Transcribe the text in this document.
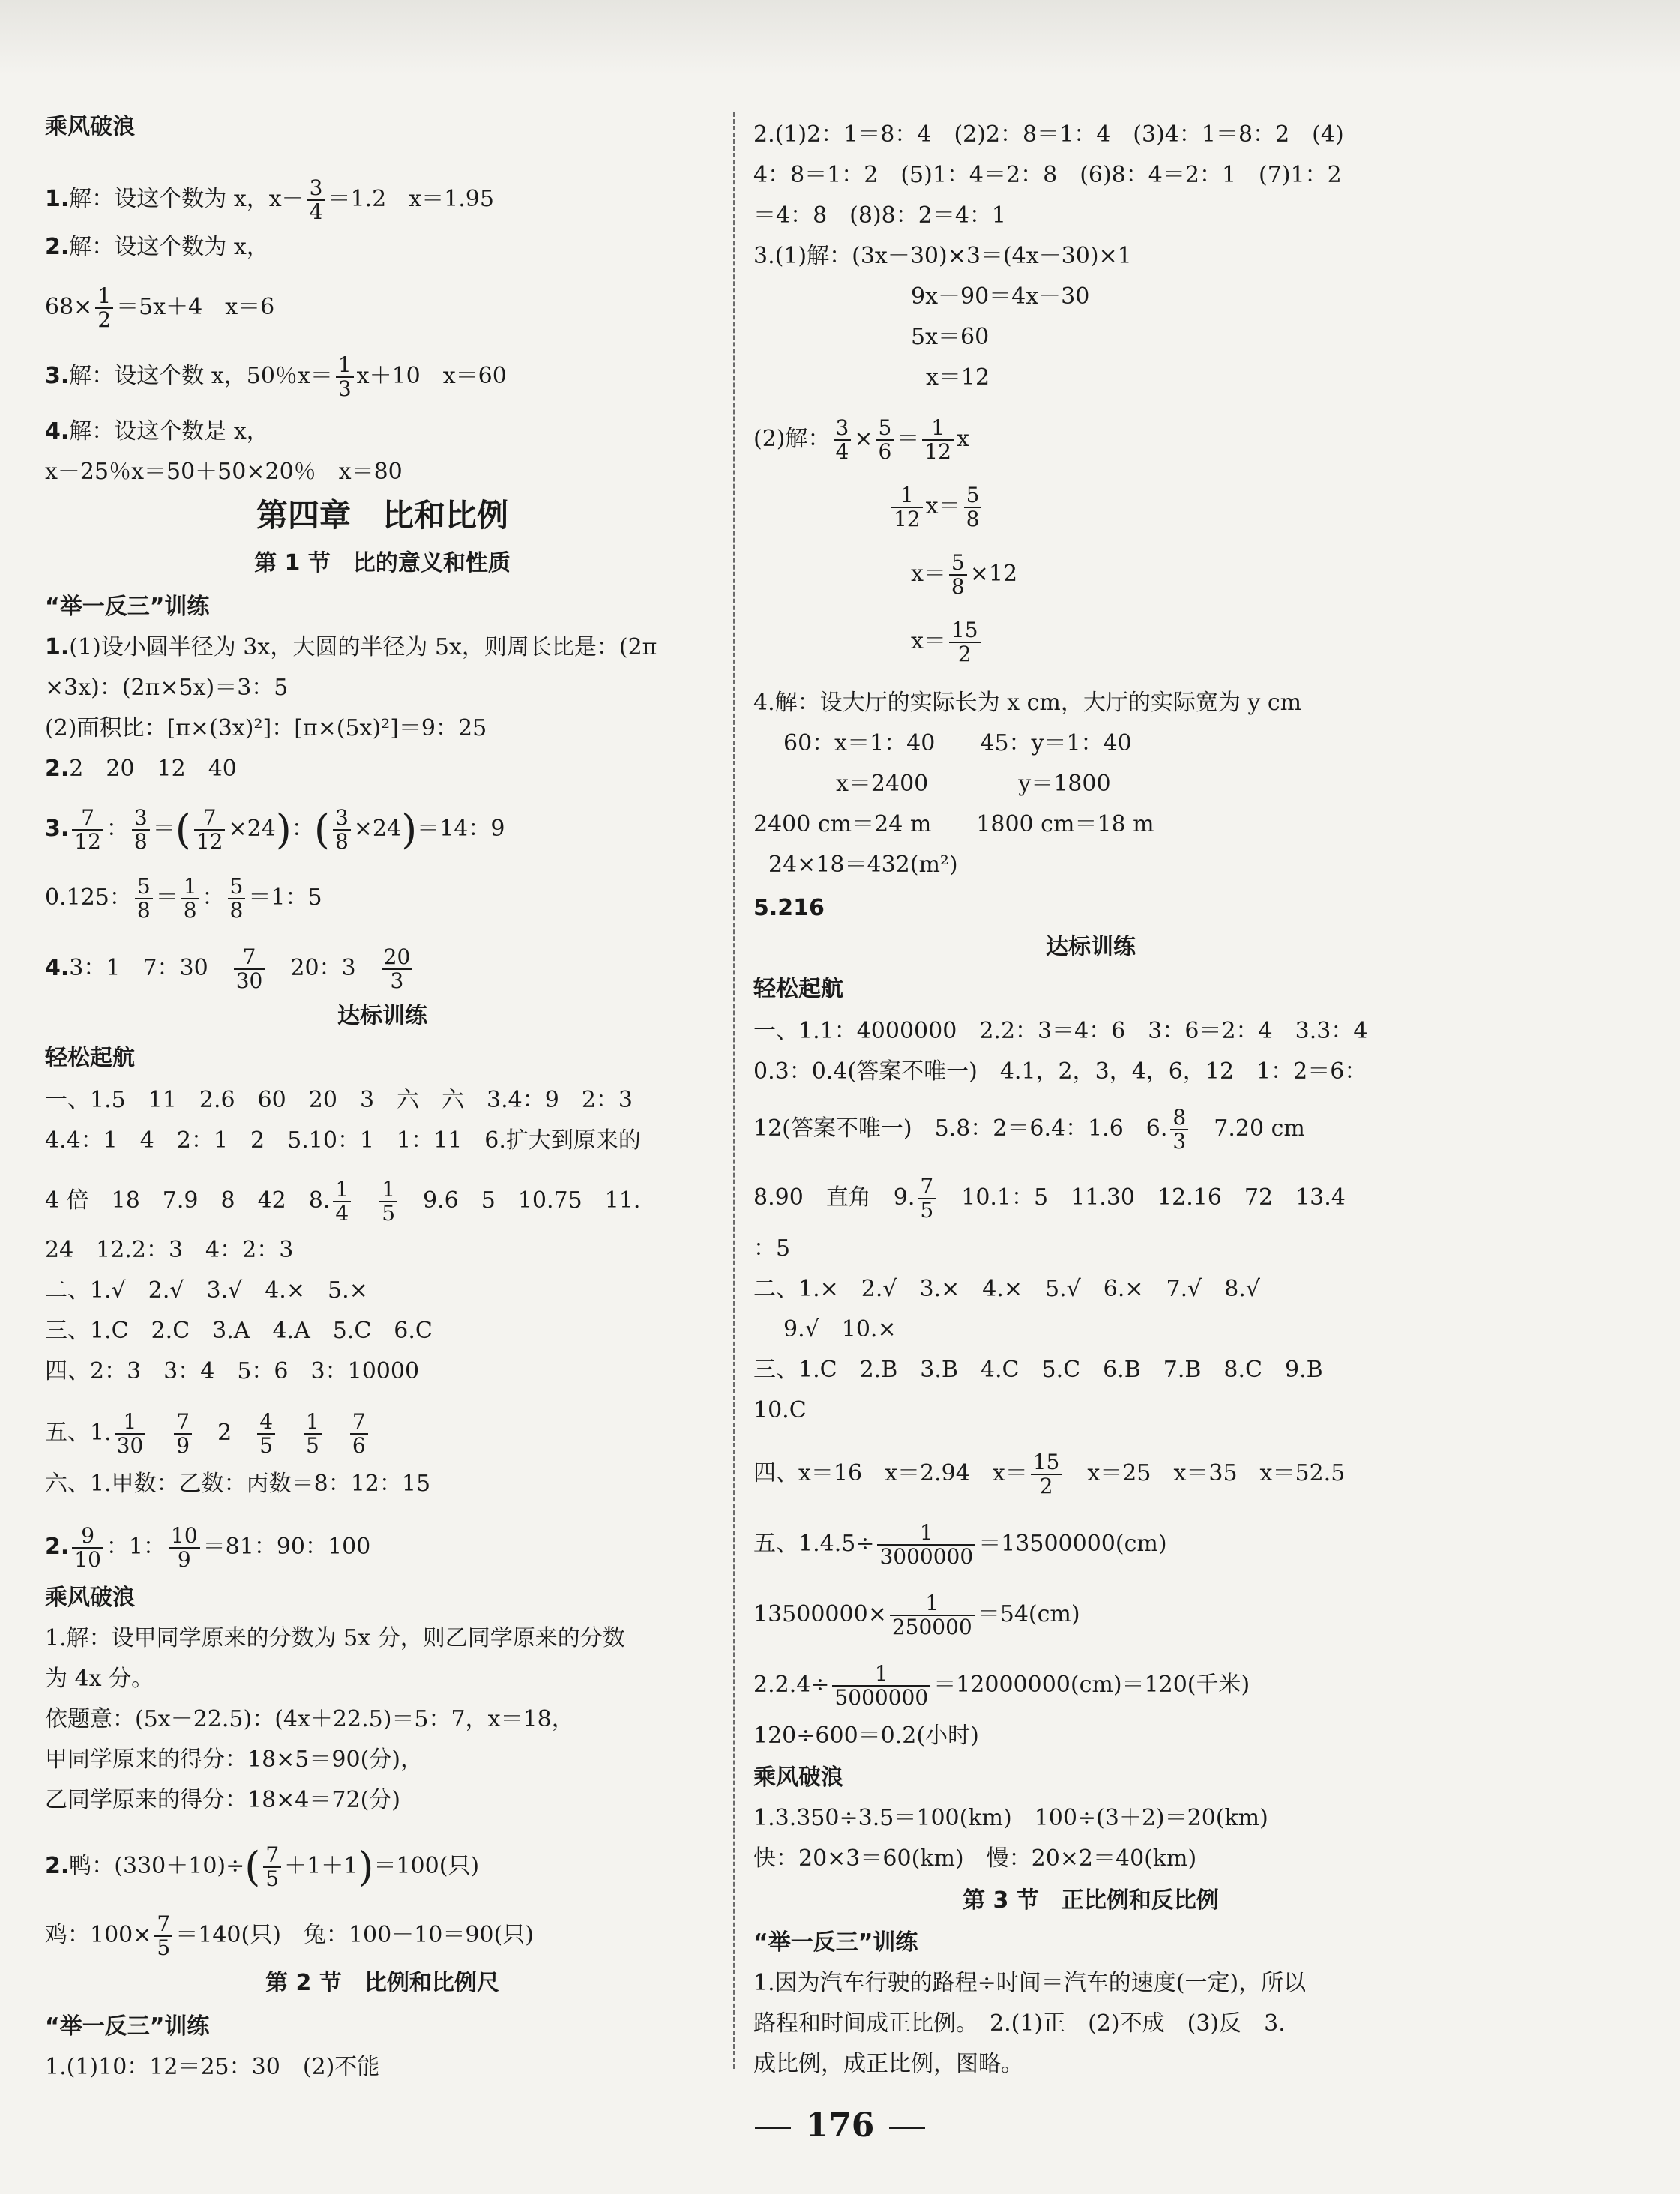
乘风破浪
1.解：设这个数为 x，$x- \frac{3}{4} =1.2$　x＝1.95
2.解：设这个数为 x，
$68\times \frac{1}{2} =5x+4$　x＝6
3.解：设这个数 x，50％$x= \frac{1}{3} x+10$　x＝60
4.解：设这个数是 x，
x－25％x＝50＋50×20％　x＝80
第四章　比和比例
第 1 节　比的意义和性质
“举一反三”训练
1.(1)设小圆半径为 3x，大圆的半径为 5x，则周长比是：(2π
×3x)：(2π×5x)＝3：5
(2)面积比：[π×(3x)²]：[π×(5x)²]＝9：25
2.2　20　12　40
3. $\frac{7}{12}$ ： $\frac{3}{8}$ ＝( $\frac{7}{12} \times 24$)：( $\frac{3}{8} \times 24)=14$：9
0.125： $\frac{5}{8} = \frac{1}{8}$ ： $\frac{5}{8} =1$：5
4.3：1　7：30　 $\frac{7}{30}$
　 20：3　 $\frac{20}{3}$
达标训练
轻松起航
一、1.5　11　2.6　60　20　3　六　六　3.4：9　2：3
4.4：1　4　2：1　2　5.10：1　1：11　6.扩大到原来的
4 倍　18　7.9　8　42　8. $\frac{1}{4}$
　 $\frac{1}{5}$
　 9.6　5　10.75　11.
24　12.2：3　4：2：3
二、1.√　2.√　3.√　4.×　5.×
三、1.C　2.C　3.A　4.A　5.C　6.C
四、2：3　3：4　5：6　3：10000
五、1. $\frac{1}{30}$
　 $\frac{7}{9}$
　 2　 $\frac{4}{5}$
　 $\frac{1}{5}$
　 $\frac{7}{6}$
六、1.甲数：乙数：丙数＝8：12：15
2. $\frac{9}{10}$ ：1： $\frac{10}{9} =81$：90：100
乘风破浪
1.解：设甲同学原来的分数为 5x 分，则乙同学原来的分数
为 4x 分。
依题意：(5x－22.5)：(4x＋22.5)＝5：7，x＝18，
甲同学原来的得分：18×5＝90(分)，
乙同学原来的得分：18×4＝72(分)
2.鸭：$(330+10)\div( \frac{7}{5} +1+1)=100$(只)
鸡：$100\times \frac{7}{5} =140$(只)　兔：100－10＝90(只)
第 2 节　比例和比例尺
“举一反三”训练
1.(1)10：12＝25：30　(2)不能
2.(1)2：1＝8：4　(2)2：8＝1：4　(3)4：1＝8：2　(4)
4：8＝1：2　(5)1：4＝2：8　(6)8：4＝2：1　(7)1：2
＝4：8　(8)8：2＝4：1
3.(1)解：(3x－30)×3＝(4x－30)×1
9x－90＝4x－30
5x＝60
x＝12
(2)解： $\frac{3}{4} \times \frac{5}{6} = \frac{1}{12}$ x
$\frac{1}{12} x= \frac{5}{8}$
$x= \frac{5}{8} \times 12$
$x= \frac{15}{2}$
4.解：设大厅的实际长为 x cm，大厅的实际宽为 y cm
60：x＝1：40　　45：y＝1：40
x＝2400　　　　y＝1800
2400 cm＝24 m　　1800 cm＝18 m
24×18＝432(m²)
5.216
达标训练
轻松起航
一、1.1：4000000　2.2：3＝4：6　3：6＝2：4　3.3：4
0.3：0.4(答案不唯一)　4.1，2，3，4，6，12　1：2＝6：
12(答案不唯一)　5.8：2＝6.4：1.6　6. $\frac{8}{3}$
　 7.20 cm
8.90　直角　9. $\frac{7}{5}$
　 10.1：5　11.30　12.16　72　13.4
：5
二、1.×　2.√　3.×　4.×　5.√　6.×　7.√　8.√
9.√　10.×
三、1.C　2.B　3.B　4.C　5.C　6.B　7.B　8.C　9.B
10.C
四、x＝16　x＝2.94　$x= \frac{15}{2}$
　 x＝25　x＝35　x＝52.5
五、$1.4.5\div \frac{1}{3000000} =13500000(cm)$
$13500000\times \frac{1}{250000} =54(cm)$
$2.2.4\div \frac{1}{5000000} =12000000(cm)=120$(千米)
120÷600＝0.2(小时)
乘风破浪
1.3.350÷3.5＝100(km)　100÷(3＋2)＝20(km)
快：20×3＝60(km)　慢：20×2＝40(km)
第 3 节　正比例和反比例
“举一反三”训练
1.因为汽车行驶的路程÷时间＝汽车的速度(一定)，所以
路程和时间成正比例。　2.(1)正　(2)不成　(3)反　3.
成比例，成正比例，图略。
176
